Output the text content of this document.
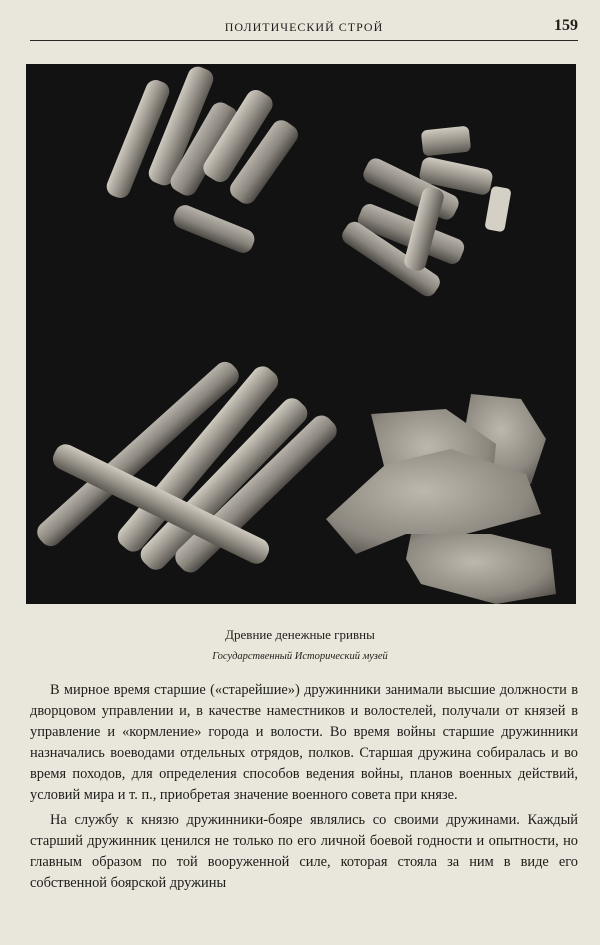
ПОЛИТИЧЕСКИЙ СТРОЙ	159
Древние денежные гривны
Государственный Исторический музей

В мирное время старшие («старейшие») дружинники занимали высшие должности в дворцовом управлении и, в качестве наместников и волостелей, получали от князей в управление и «кормление» города и волости. Во время войны старшие дружинники назначались воеводами отдельных отрядов, полков. Старшая дружина собиралась и во время походов, для определения способов ведения войны, планов военных действий, условий мира и т. п., приобретая значение военного совета при князе.

На службу к князю дружинники-бояре являлись со своими дружинами. Каждый старший дружинник ценился не только по его личной боевой годности и опытности, но главным образом по той вооруженной силе, которая стояла за ним в виде его собственной боярской дружины
